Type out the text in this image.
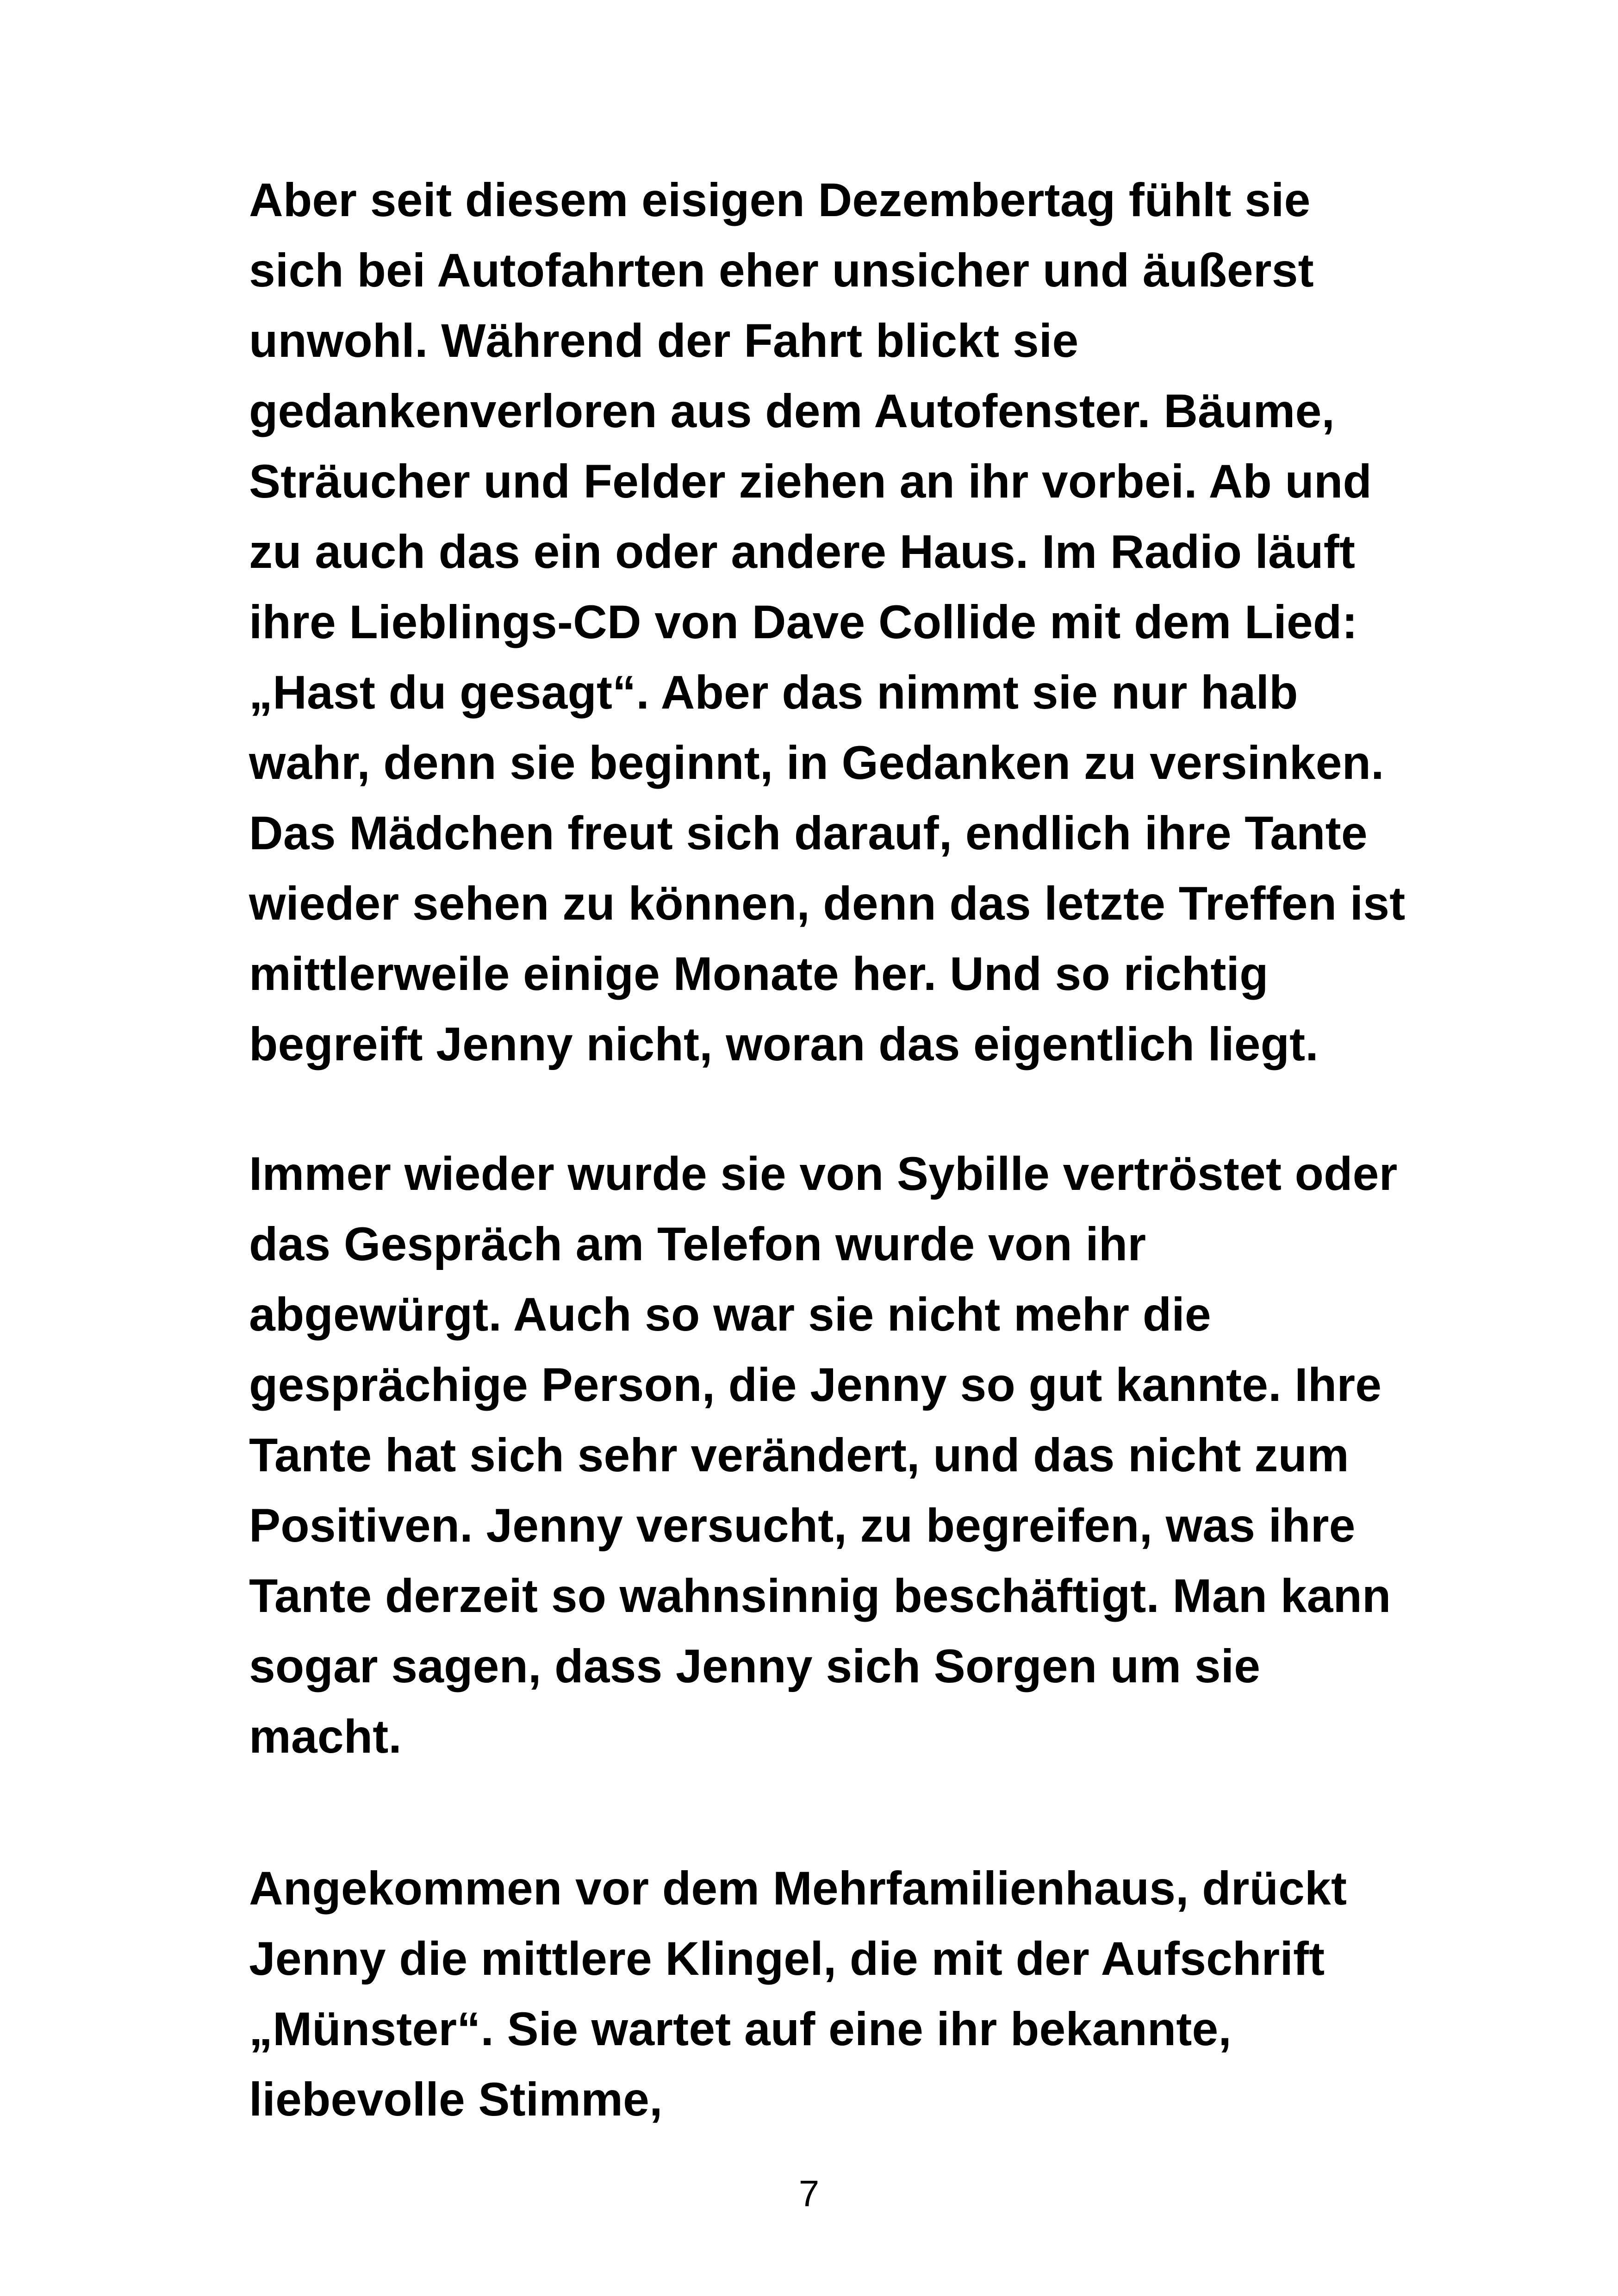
Aber seit diesem eisigen Dezembertag fühlt sie
sich bei Autofahrten eher unsicher und äußerst
unwohl. Während der Fahrt blickt sie
gedankenverloren aus dem Autofenster. Bäume,
Sträucher und Felder ziehen an ihr vorbei. Ab und
zu auch das ein oder andere Haus. Im Radio läuft
ihre Lieblings-CD von Dave Collide mit dem Lied:
„Hast du gesagt“. Aber das nimmt sie nur halb
wahr, denn sie beginnt, in Gedanken zu versinken.
Das Mädchen freut sich darauf, endlich ihre Tante
wieder sehen zu können, denn das letzte Treffen ist
mittlerweile einige Monate her. Und so richtig
begreift Jenny nicht, woran das eigentlich liegt.
Immer wieder wurde sie von Sybille vertröstet oder
das Gespräch am Telefon wurde von ihr
abgewürgt. Auch so war sie nicht mehr die
gesprächige Person, die Jenny so gut kannte. Ihre
Tante hat sich sehr verändert, und das nicht zum
Positiven. Jenny versucht, zu begreifen, was ihre
Tante derzeit so wahnsinnig beschäftigt. Man kann
sogar sagen, dass Jenny sich Sorgen um sie
macht.
Angekommen vor dem Mehrfamilienhaus, drückt
Jenny die mittlere Klingel, die mit der Aufschrift
„Münster“. Sie wartet auf eine ihr bekannte,
liebevolle Stimme,
7
